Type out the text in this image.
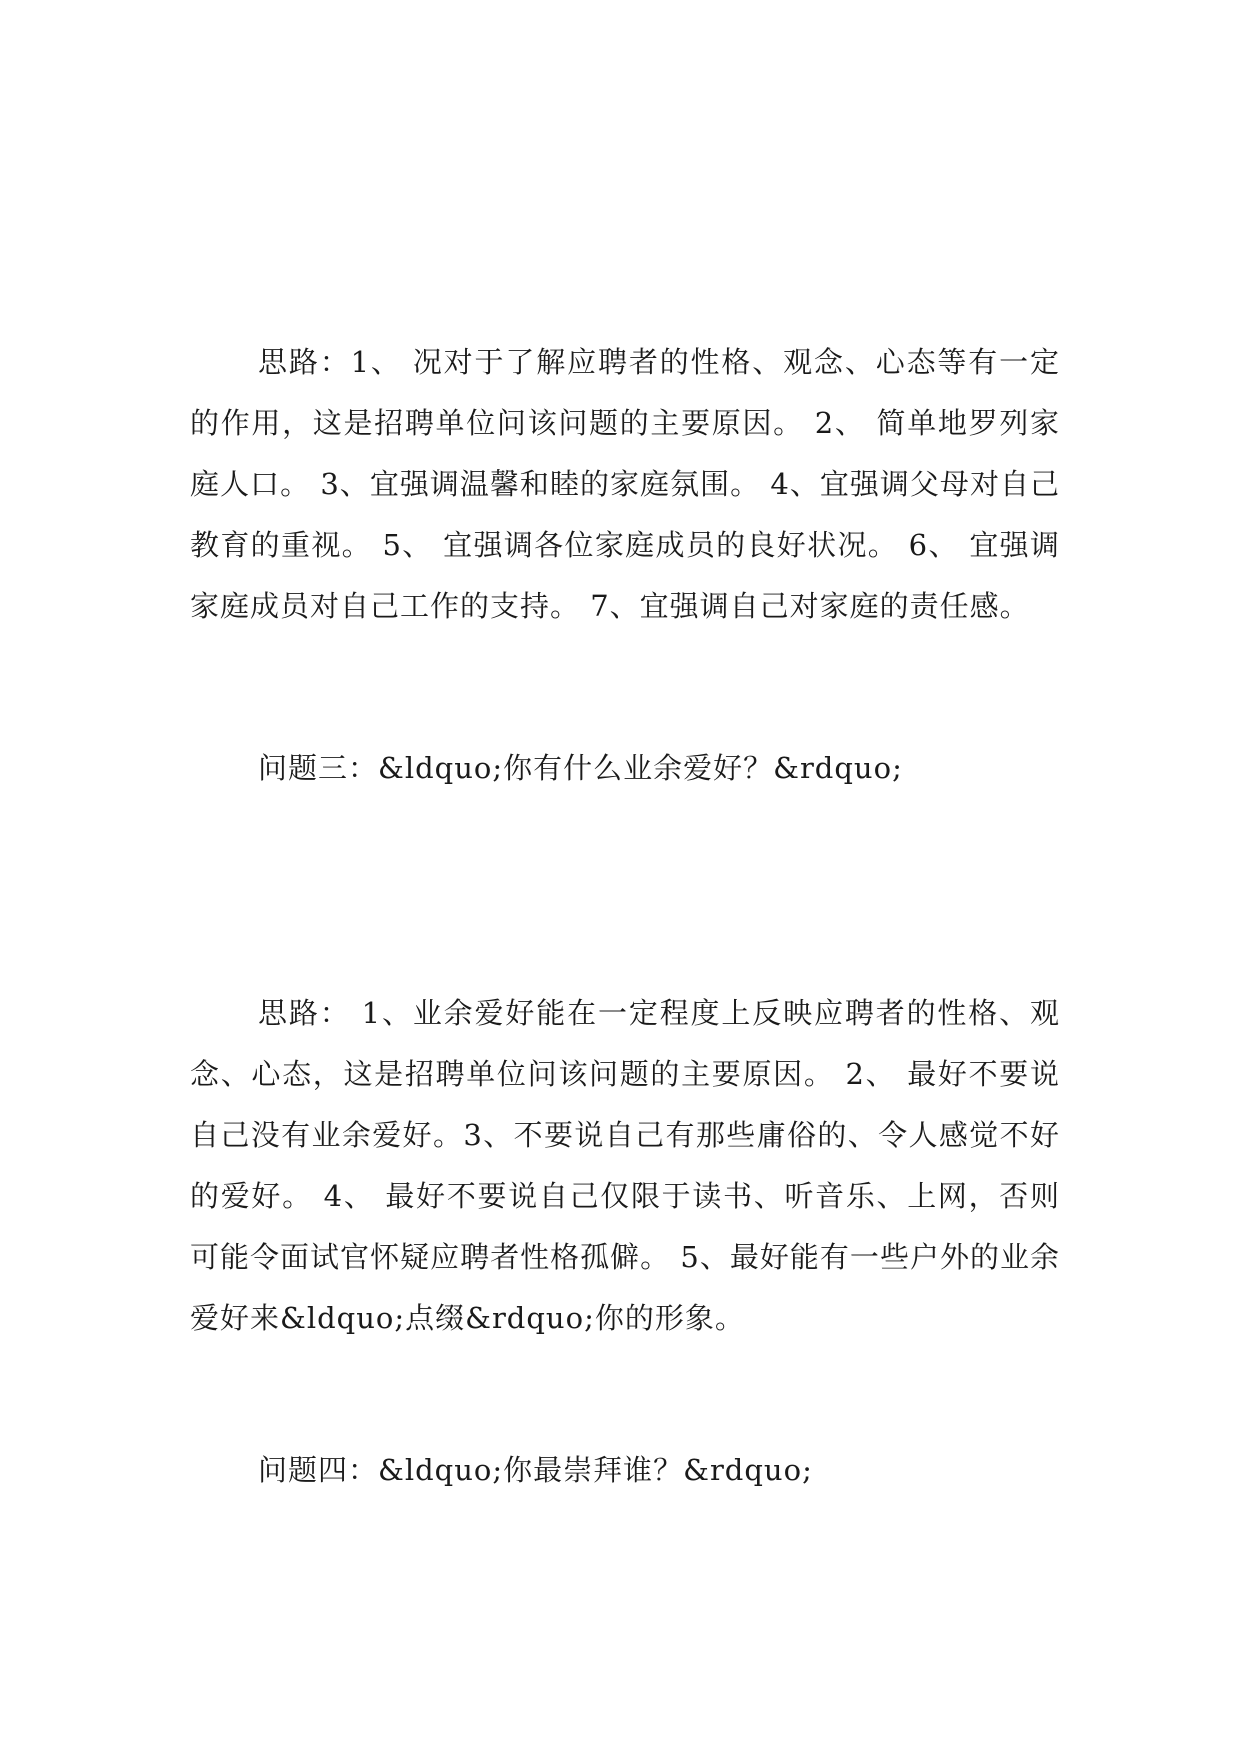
思路：1、 况对于了解应聘者的性格、观念、心态等有一定的作用，这是招聘单位问该问题的主要原因。 2、 简单地罗列家庭人口。 3、宜强调温馨和睦的家庭氛围。 4、宜强调父母对自己教育的重视。 5、 宜强调各位家庭成员的良好状况。 6、 宜强调家庭成员对自己工作的支持。 7、宜强调自己对家庭的责任感。

问题三：&ldquo;你有什么业余爱好？&rdquo;

思路： 1、业余爱好能在一定程度上反映应聘者的性格、观念、心态，这是招聘单位问该问题的主要原因。 2、 最好不要说自己没有业余爱好。3、不要说自己有那些庸俗的、令人感觉不好的爱好。 4、 最好不要说自己仅限于读书、听音乐、上网，否则可能令面试官怀疑应聘者性格孤僻。 5、最好能有一些户外的业余爱好来&ldquo;点缀&rdquo;你的形象。

问题四：&ldquo;你最崇拜谁？&rdquo;
